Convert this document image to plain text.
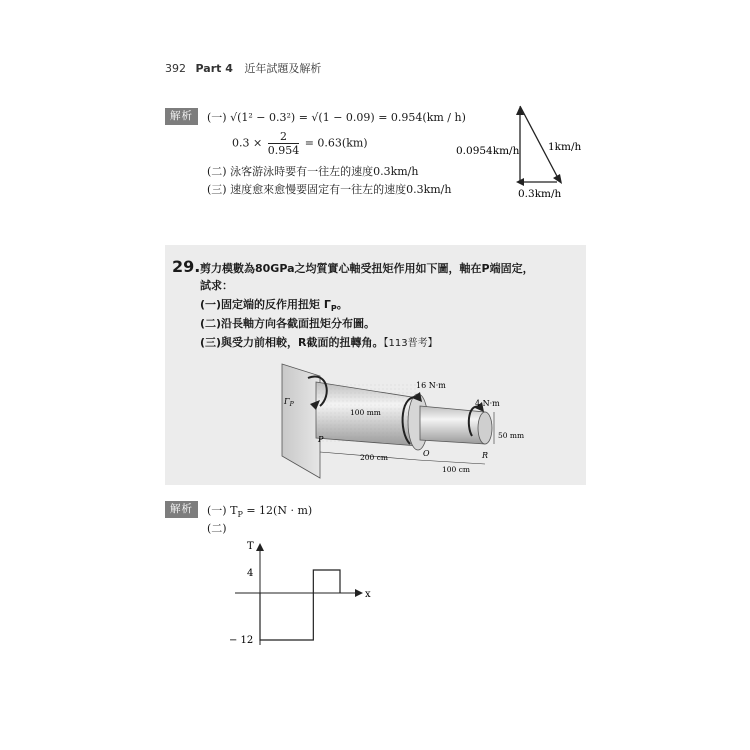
392 Part 4 近年試題及解析
解析	(一) √(1² − 0.3²) = √(1 − 0.09) = 0.954(km / h)
$0.3 \times \frac{2}{0.954} = 0.63(km)$
(二) 泳客游泳時要有一往左的速度0.3km/h
(三) 速度愈來愈慢要固定有一往左的速度0.3km/h
0.0954km/h	1km/h
0.3km/h
29. 剪力模數為80GPa之均質實心軸受扭矩作用如下圖，軸在P端固定，
試求：
(一)固定端的反作用扭矩 $\Gamma_P$。
(二)沿長軸方向各截面扭矩分布圖。
(三)與受力前相較，R截面的扭轉角。【113普考】
$\Gamma_P$
16 N·m
4 N·m
100 mm
50 mm
200 cm
100 cm
P
O	R
解析	(一) $T_P = 12(N \cdot m)$
(二)
T
x
4
− 12
